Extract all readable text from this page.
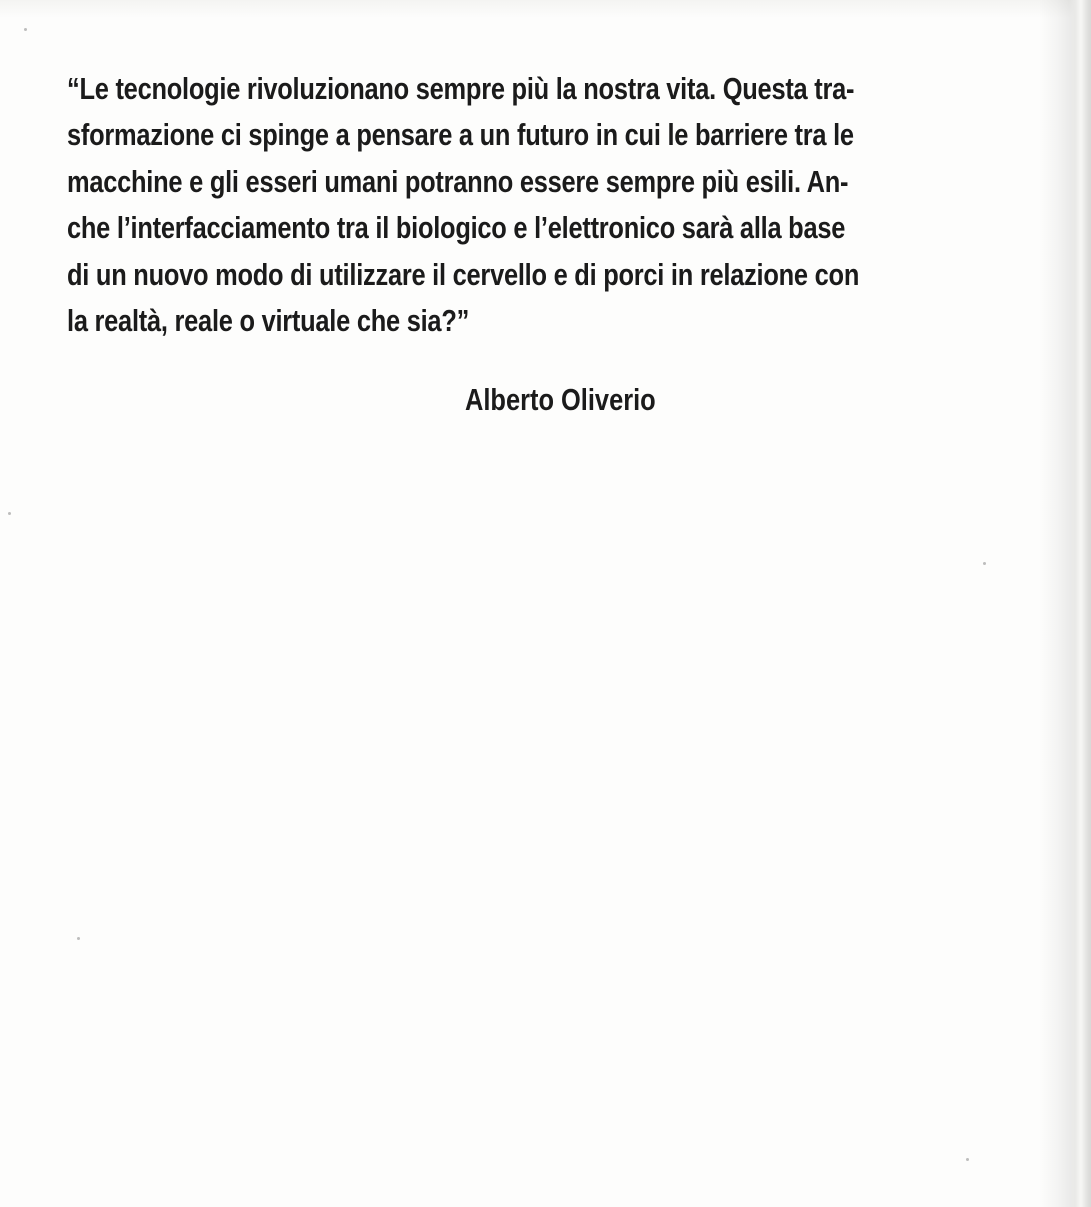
“Le tecnologie rivoluzionano sempre più la nostra vita. Questa tra-
sformazione ci spinge a pensare a un futuro in cui le barriere tra le
macchine e gli esseri umani potranno essere sempre più esili. An-
che l’interfacciamento tra il biologico e l’elettronico sarà alla base
di un nuovo modo di utilizzare il cervello e di porci in relazione con
la realtà, reale o virtuale che sia?”
Alberto Oliverio
